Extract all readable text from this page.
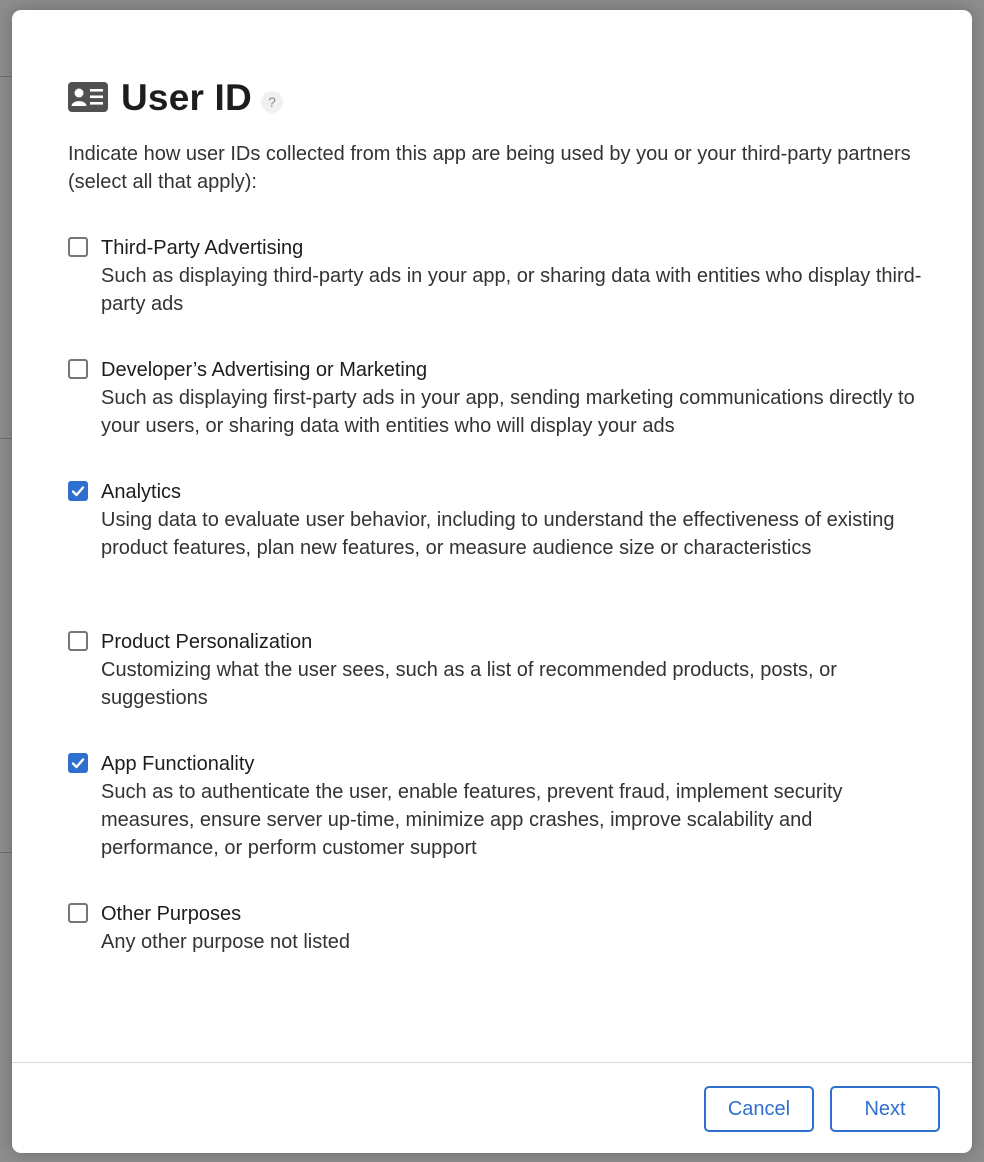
User ID	?

Indicate how user IDs collected from this app are being used by you or your third-party partners (select all that apply):

Third-Party Advertising
Such as displaying third-party ads in your app, or sharing data with entities who display third-party ads
Developer’s Advertising or Marketing
Such as displaying first-party ads in your app, sending marketing communications directly to your users, or sharing data with entities who will display your ads
Analytics
Using data to evaluate user behavior, including to understand the effectiveness of existing product features, plan new features, or measure audience size or characteristics
Product Personalization
Customizing what the user sees, such as a list of recommended products, posts, or suggestions
App Functionality
Such as to authenticate the user, enable features, prevent fraud, implement security measures, ensure server up-time, minimize app crashes, improve scalability and performance, or perform customer support
Other Purposes
Any other purpose not listed
Cancel	Next
